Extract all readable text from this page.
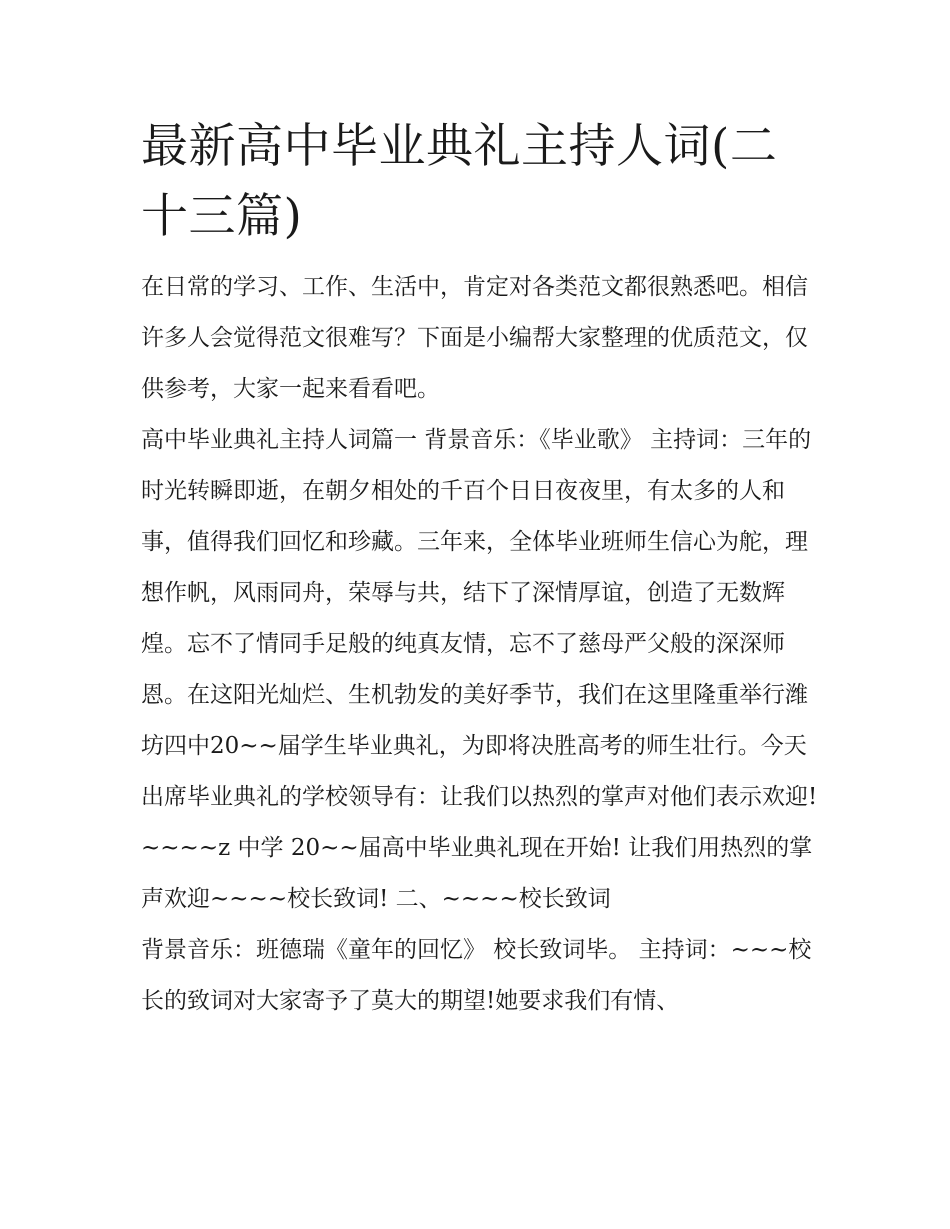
最新高中毕业典礼主持人词(二十三篇)

在日常的学习、工作、生活中，肯定对各类范文都很熟悉吧。相信许多人会觉得范文很难写？下面是小编帮大家整理的优质范文，仅供参考，大家一起来看看吧。

高中毕业典礼主持人词篇一 背景音乐：《毕业歌》 主持词：三年的时光转瞬即逝，在朝夕相处的千百个日日夜夜里，有太多的人和事，值得我们回忆和珍藏。三年来，全体毕业班师生信心为舵，理想作帆，风雨同舟，荣辱与共，结下了深情厚谊，创造了无数辉煌。忘不了情同手足般的纯真友情，忘不了慈母严父般的深深师恩。在这阳光灿烂、生机勃发的美好季节，我们在这里隆重举行潍坊四中20~~届学生毕业典礼，为即将决胜高考的师生壮行。今天出席毕业典礼的学校领导有：让我们以热烈的掌声对他们表示欢迎! ~~~~z 中学 20~~届高中毕业典礼现在开始! 让我们用热烈的掌声欢迎~~~~校长致词! 二、~~~~校长致词

背景音乐：班德瑞《童年的回忆》 校长致词毕。 主持词：~~~校长的致词对大家寄予了莫大的期望!她要求我们有情、
